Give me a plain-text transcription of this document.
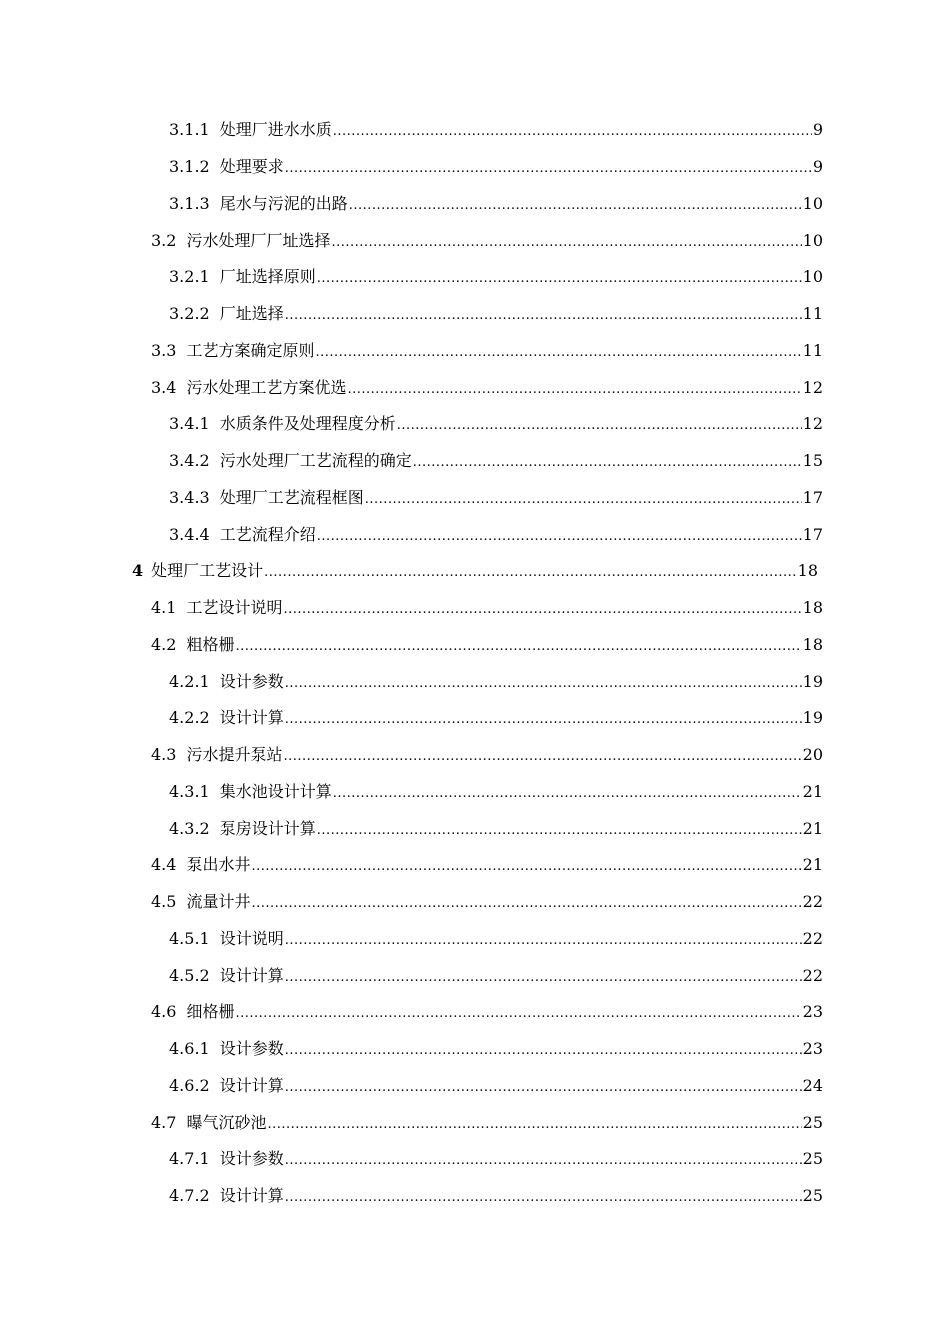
3.1.1 处理厂进水水质 .....	9
3.1.2 处理要求 .....	9
3.1.3 尾水与污泥的出路 .....	10
3.2 污水处理厂厂址选择 .....	10
3.2.1 厂址选择原则 .....	10
3.2.2 厂址选择 .....	11
3.3 工艺方案确定原则 .....	11
3.4 污水处理工艺方案优选 .....	12
3.4.1 水质条件及处理程度分析 .....	12
3.4.2 污水处理厂工艺流程的确定 .....	15
3.4.3 处理厂工艺流程框图 .....	17
3.4.4 工艺流程介绍 .....	17
4 处理厂工艺设计 .....	18
4.1 工艺设计说明 .....	18
4.2 粗格栅 .....	18
4.2.1 设计参数 .....	19
4.2.2 设计计算 .....	19
4.3 污水提升泵站 .....	20
4.3.1 集水池设计计算 .....	21
4.3.2 泵房设计计算 .....	21
4.4 泵出水井 .....	21
4.5 流量计井 .....	22
4.5.1 设计说明 .....	22
4.5.2 设计计算 .....	22
4.6 细格栅 .....	23
4.6.1 设计参数 .....	23
4.6.2 设计计算 .....	24
4.7 曝气沉砂池 .....	25
4.7.1 设计参数 .....	25
4.7.2 设计计算 .....	25
